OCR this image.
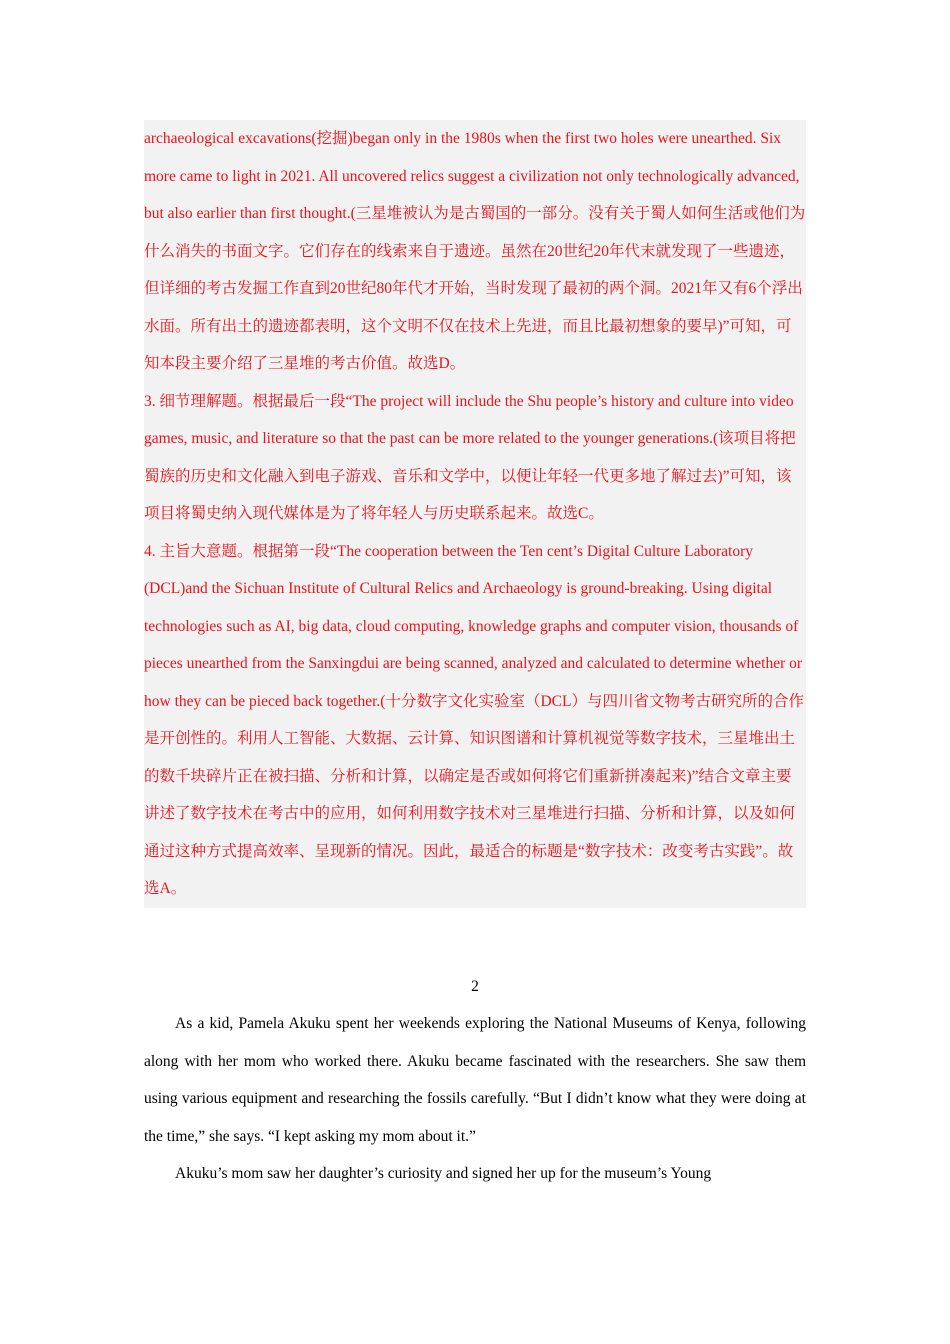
archaeological excavations(挖掘)began only in the 1980s when the first two holes were unearthed. Six more came to light in 2021. All uncovered relics suggest a civilization not only technologically advanced, but also earlier than first thought.(三星堆被认为是古蜀国的一部分。没有关于蜀人如何生活或他们为什么消失的书面文字。它们存在的线索来自于遗迹。虽然在20世纪20年代末就发现了一些遗迹，但详细的考古发掘工作直到20世纪80年代才开始，当时发现了最初的两个洞。2021年又有6个浮出水面。所有出土的遗迹都表明，这个文明不仅在技术上先进，而且比最初想象的要早)”可知，可知本段主要介绍了三星堆的考古价值。故选D。

3. 细节理解题。根据最后一段“The project will include the Shu people’s history and culture into video games, music, and literature so that the past can be more related to the younger generations.(该项目将把蜀族的历史和文化融入到电子游戏、音乐和文学中，以便让年轻一代更多地了解过去)”可知，该项目将蜀史纳入现代媒体是为了将年轻人与历史联系起来。故选C。

4. 主旨大意题。根据第一段“The cooperation between the Ten cent’s Digital Culture Laboratory (DCL)and the Sichuan Institute of Cultural Relics and Archaeology is ground-breaking. Using digital technologies such as AI, big data, cloud computing, knowledge graphs and computer vision, thousands of pieces unearthed from the Sanxingdui are being scanned, analyzed and calculated to determine whether or how they can be pieced back together.(十分数字文化实验室（DCL）与四川省文物考古研究所的合作是开创性的。利用人工智能、大数据、云计算、知识图谱和计算机视觉等数字技术，三星堆出土的数千块碎片正在被扫描、分析和计算，以确定是否或如何将它们重新拼凑起来)”结合文章主要讲述了数字技术在考古中的应用，如何利用数字技术对三星堆进行扫描、分析和计算，以及如何通过这种方式提高效率、呈现新的情况。因此，最适合的标题是“数字技术：改变考古实践”。故选A。

2

As a kid, Pamela Akuku spent her weekends exploring the National Museums of Kenya, following along with her mom who worked there. Akuku became fascinated with the researchers. She saw them using various equipment and researching the fossils carefully. “But I didn’t know what they were doing at the time,” she says. “I kept asking my mom about it.”

Akuku’s mom saw her daughter’s curiosity and signed her up for the museum’s Young
